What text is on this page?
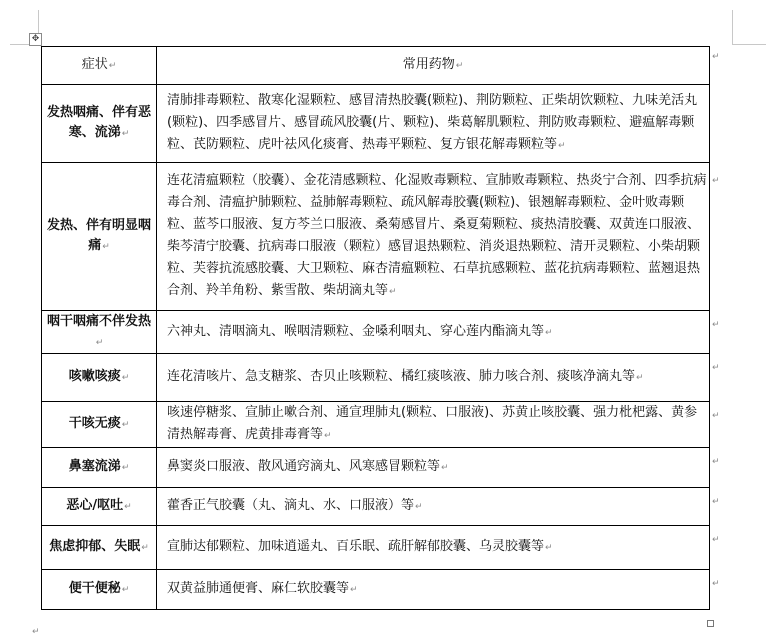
✥
症状↵	常用药物↵
发热咽痛、伴有恶寒、流涕↵	清肺排毒颗粒、散寒化湿颗粒、感冒清热胶囊(颗粒)、荆防颗粒、正柴胡饮颗粒、九味羌活丸(颗粒)、四季感冒片、感冒疏风胶囊(片、颗粒)、柴葛解肌颗粒、荆防败毒颗粒、避瘟解毒颗粒、芪防颗粒、虎叶祛风化痰膏、热毒平颗粒、复方银花解毒颗粒等↵
发热、伴有明显咽痛↵	连花清瘟颗粒（胶囊）、金花清感颗粒、化湿败毒颗粒、宣肺败毒颗粒、热炎宁合剂、四季抗病毒合剂、清瘟护肺颗粒、益肺解毒颗粒、疏风解毒胶囊(颗粒)、银翘解毒颗粒、金叶败毒颗粒、蓝芩口服液、复方芩兰口服液、桑菊感冒片、桑夏菊颗粒、痰热清胶囊、双黄连口服液、柴芩清宁胶囊、抗病毒口服液（颗粒）感冒退热颗粒、消炎退热颗粒、清开灵颗粒、小柴胡颗粒、芙蓉抗流感胶囊、大卫颗粒、麻杏清瘟颗粒、石草抗感颗粒、蓝花抗病毒颗粒、蓝翘退热合剂、羚羊角粉、紫雪散、柴胡滴丸等↵
咽干咽痛不伴发热↵	六神丸、清咽滴丸、喉咽清颗粒、金嗓利咽丸、穿心莲内酯滴丸等↵
咳嗽咳痰↵	连花清咳片、急支糖浆、杏贝止咳颗粒、橘红痰咳液、肺力咳合剂、痰咳净滴丸等↵
干咳无痰↵	咳速停糖浆、宣肺止嗽合剂、通宣理肺丸(颗粒、口服液)、苏黄止咳胶囊、强力枇杷露、黄参清热解毒膏、虎黄排毒膏等↵
鼻塞流涕↵	鼻窦炎口服液、散风通窍滴丸、风寒感冒颗粒等↵
恶心/呕吐↵	藿香正气胶囊（丸、滴丸、水、口服液）等↵
焦虑抑郁、失眠↵	宣肺达郁颗粒、加味逍遥丸、百乐眠、疏肝解郁胶囊、乌灵胶囊等↵
便干便秘↵	双黄益肺通便膏、麻仁软胶囊等↵
↵
↵
↵
↵
↵
↵
↵
↵
↵
↵
